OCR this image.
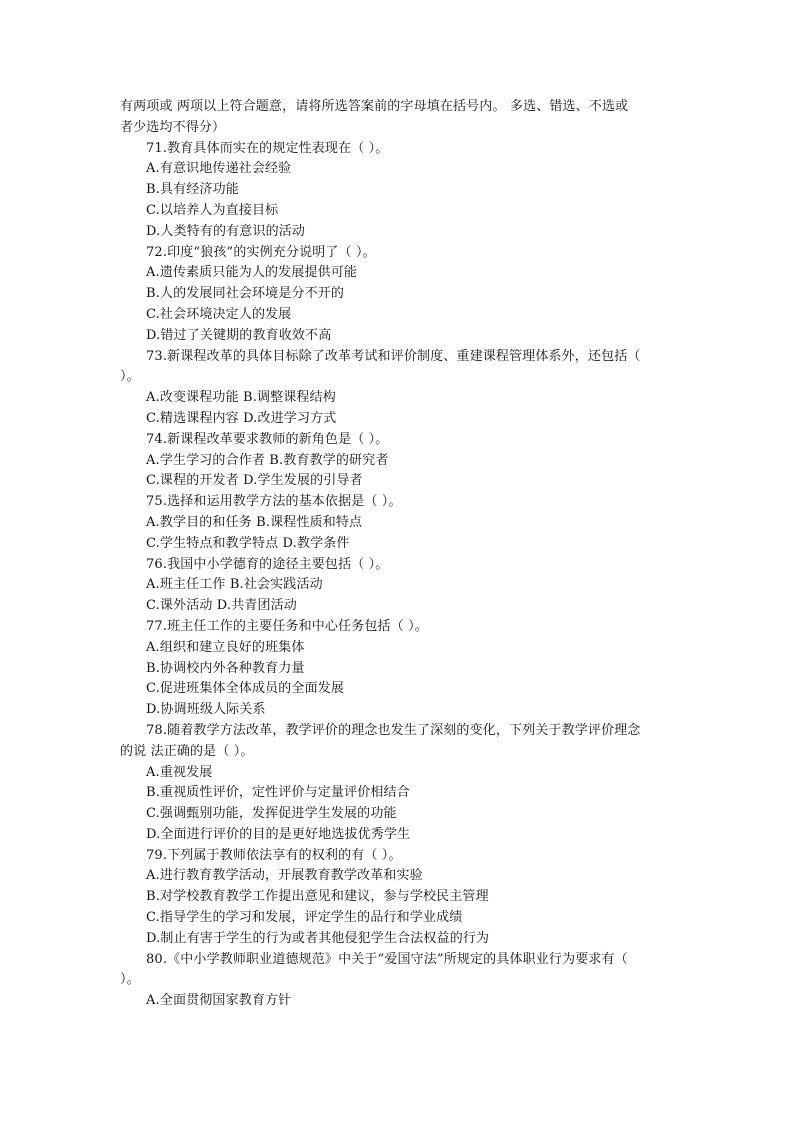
有两项或 两项以上符合题意，请将所选答案前的字母填在括号内。 多选、错选、不选或
者少选均不得分）
71.教育具体而实在的规定性表现在（ ）。
A.有意识地传递社会经验
B.具有经济功能
C.以培养人为直接目标
D.人类特有的有意识的活动
72.印度“狼孩”的实例充分说明了（ ）。
A.遗传素质只能为人的发展提供可能
B.人的发展同社会环境是分不开的
C.社会环境决定人的发展
D.错过了关键期的教育收效不高
73.新课程改革的具体目标除了改革考试和评价制度、重建课程管理体系外，还包括（
）。
A.改变课程功能 B.调整课程结构
C.精选课程内容 D.改进学习方式
74.新课程改革要求教师的新角色是（ ）。
A.学生学习的合作者 B.教育教学的研究者
C.课程的开发者 D.学生发展的引导者
75.选择和运用教学方法的基本依据是（ ）。
A.教学目的和任务 B.课程性质和特点
C.学生特点和教学特点 D.教学条件
76.我国中小学德育的途径主要包括（ ）。
A.班主任工作 B.社会实践活动
C.课外活动 D.共青团活动
77.班主任工作的主要任务和中心任务包括（ ）。
A.组织和建立良好的班集体
B.协调校内外各种教育力量
C.促进班集体全体成员的全面发展
D.协调班级人际关系
78.随着教学方法改革，教学评价的理念也发生了深刻的变化，下列关于教学评价理念
的说 法正确的是（ ）。
A.重视发展
B.重视质性评价，定性评价与定量评价相结合
C.强调甄别功能，发挥促进学生发展的功能
D.全面进行评价的目的是更好地选拔优秀学生
79.下列属于教师依法享有的权利的有（ ）。
A.进行教育教学活动，开展教育教学改革和实验
B.对学校教育教学工作提出意见和建议，参与学校民主管理
C.指导学生的学习和发展，评定学生的品行和学业成绩
D.制止有害于学生的行为或者其他侵犯学生合法权益的行为
80.《中小学教师职业道德规范》中关于“爱国守法”所规定的具体职业行为要求有（
）。
A.全面贯彻国家教育方针
